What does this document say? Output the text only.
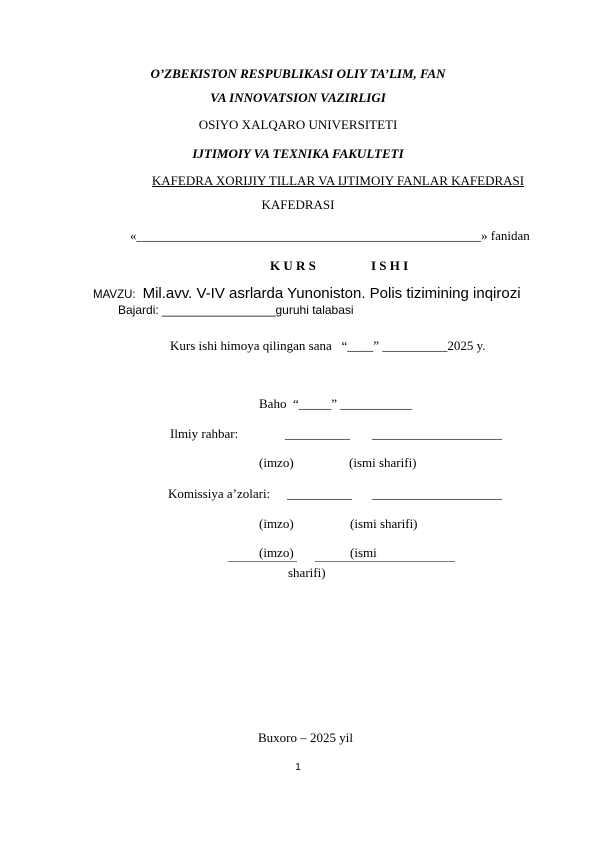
O’ZBEKISTON RESPUBLIKASI OLIY TA’LIM, FAN
VA INNOVATSION VAZIRLIGI
OSIYO XALQARO UNIVERSITETI
IJTIMOIY VA TEXNIKA FAKULTETI
KAFEDRA XORIJIY TILLAR VA IJTIMOIY FANLAR KAFEDRASI
KAFEDRASI
«_____________________________________________________» fanidan
K U R S	I S H I
MAVZU: Mil.avv. V-IV asrlarda Yunoniston. Polis tizimining inqirozi
Bajardi: _________________guruhi talabasi
Kurs ishi himoya qilingan sana “____” __________2025 y.
Baho “_____” ___________
Ilmiy rahbar:	__________ ____________________
(imzo)	(ismi sharifi)
Komissiya a’zolari: __________ ____________________
(imzo)	(ismi sharifi)
(imzo)	(ismi
sharifi)
Buxoro – 2025 yil
1
